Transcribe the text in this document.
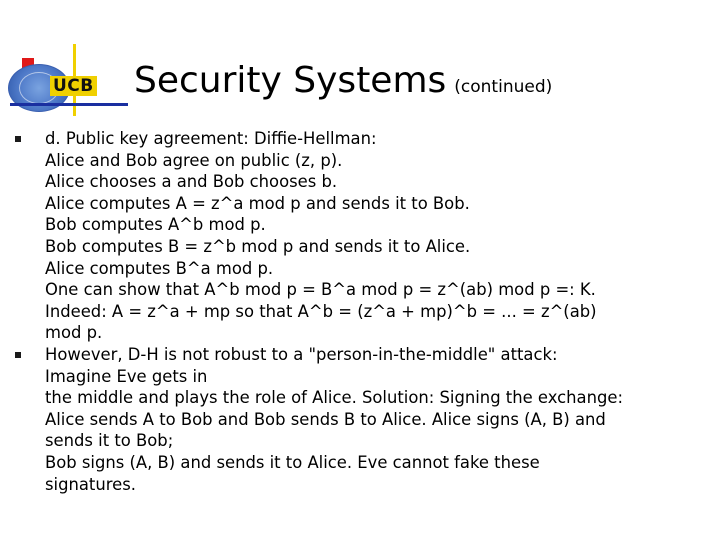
UCB Security Systems (continued)
d. Public key agreement: Diffie-Hellman:
Alice and Bob agree on public (z, p).
Alice chooses a and Bob chooses b.
Alice computes A = z^a mod p and sends it to Bob.
Bob computes A^b mod p.
Bob computes B = z^b mod p and sends it to Alice.
Alice computes B^a mod p.
One can show that A^b mod p = B^a mod p = z^(ab) mod p =: K.
Indeed: A = z^a + mp so that A^b = (z^a + mp)^b = ... = z^(ab)
mod p.
However, D-H is not robust to a "person-in-the-middle" attack:
Imagine Eve gets in
the middle and plays the role of Alice. Solution: Signing the exchange:
Alice sends A to Bob and Bob sends B to Alice. Alice signs (A, B) and
sends it to Bob;
Bob signs (A, B) and sends it to Alice. Eve cannot fake these
signatures.
